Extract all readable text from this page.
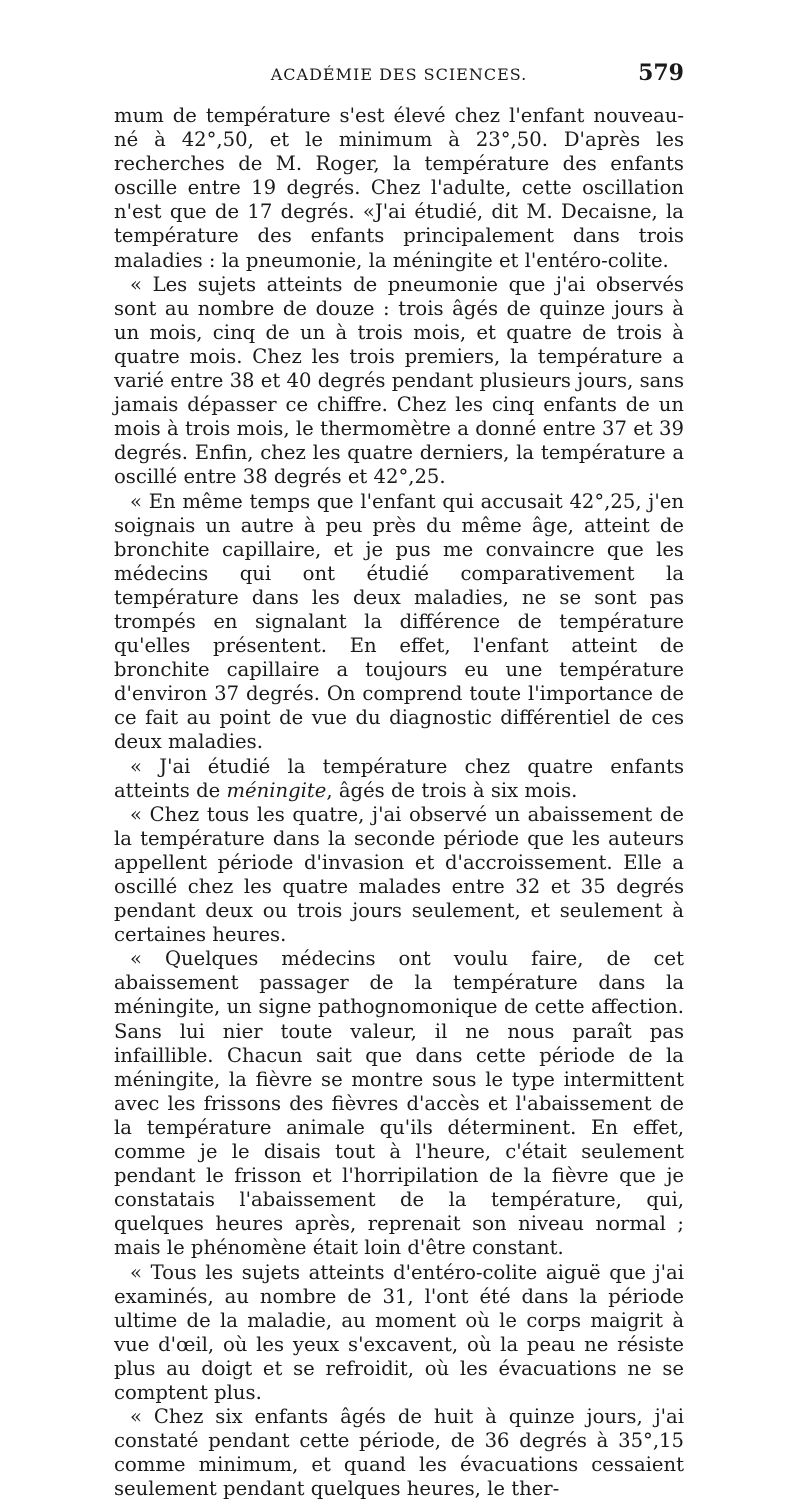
ACADÉMIE DES SCIENCES.	579

mum de température s'est élevé chez l'enfant nouveau-né à 42°,50, et le minimum à 23°,50. D'après les recherches de M. Roger, la température des enfants oscille entre 19 degrés. Chez l'adulte, cette oscillation n'est que de 17 degrés. «J'ai étudié, dit M. Decaisne, la température des enfants principalement dans trois maladies : la pneumonie, la méningite et l'entéro-colite.

« Les sujets atteints de pneumonie que j'ai observés sont au nombre de douze : trois âgés de quinze jours à un mois, cinq de un à trois mois, et quatre de trois à quatre mois. Chez les trois premiers, la température a varié entre 38 et 40 degrés pendant plusieurs jours, sans jamais dépasser ce chiffre. Chez les cinq enfants de un mois à trois mois, le thermomètre a donné entre 37 et 39 degrés. Enfin, chez les quatre derniers, la température a oscillé entre 38 degrés et 42°,25.

« En même temps que l'enfant qui accusait 42°,25, j'en soignais un autre à peu près du même âge, atteint de bronchite capillaire, et je pus me convaincre que les médecins qui ont étudié comparativement la température dans les deux maladies, ne se sont pas trompés en signalant la différence de température qu'elles présentent. En effet, l'enfant atteint de bronchite capillaire a toujours eu une température d'environ 37 degrés. On comprend toute l'importance de ce fait au point de vue du diagnostic différentiel de ces deux maladies.

« J'ai étudié la température chez quatre enfants atteints de méningite, âgés de trois à six mois.

« Chez tous les quatre, j'ai observé un abaissement de la température dans la seconde période que les auteurs appellent période d'invasion et d'accroissement. Elle a oscillé chez les quatre malades entre 32 et 35 degrés pendant deux ou trois jours seulement, et seulement à certaines heures.

« Quelques médecins ont voulu faire, de cet abaissement passager de la température dans la méningite, un signe pathognomonique de cette affection. Sans lui nier toute valeur, il ne nous paraît pas infaillible. Chacun sait que dans cette période de la méningite, la fièvre se montre sous le type intermittent avec les frissons des fièvres d'accès et l'abaissement de la température animale qu'ils déterminent. En effet, comme je le disais tout à l'heure, c'était seulement pendant le frisson et l'horripilation de la fièvre que je constatais l'abaissement de la température, qui, quelques heures après, reprenait son niveau normal ; mais le phénomène était loin d'être constant.

« Tous les sujets atteints d'entéro-colite aiguë que j'ai examinés, au nombre de 31, l'ont été dans la période ultime de la maladie, au moment où le corps maigrit à vue d'œil, où les yeux s'excavent, où la peau ne résiste plus au doigt et se refroidit, où les évacuations ne se comptent plus.

« Chez six enfants âgés de huit à quinze jours, j'ai constaté pendant cette période, de 36 degrés à 35°,15 comme minimum, et quand les évacuations cessaient seulement pendant quelques heures, le ther-
